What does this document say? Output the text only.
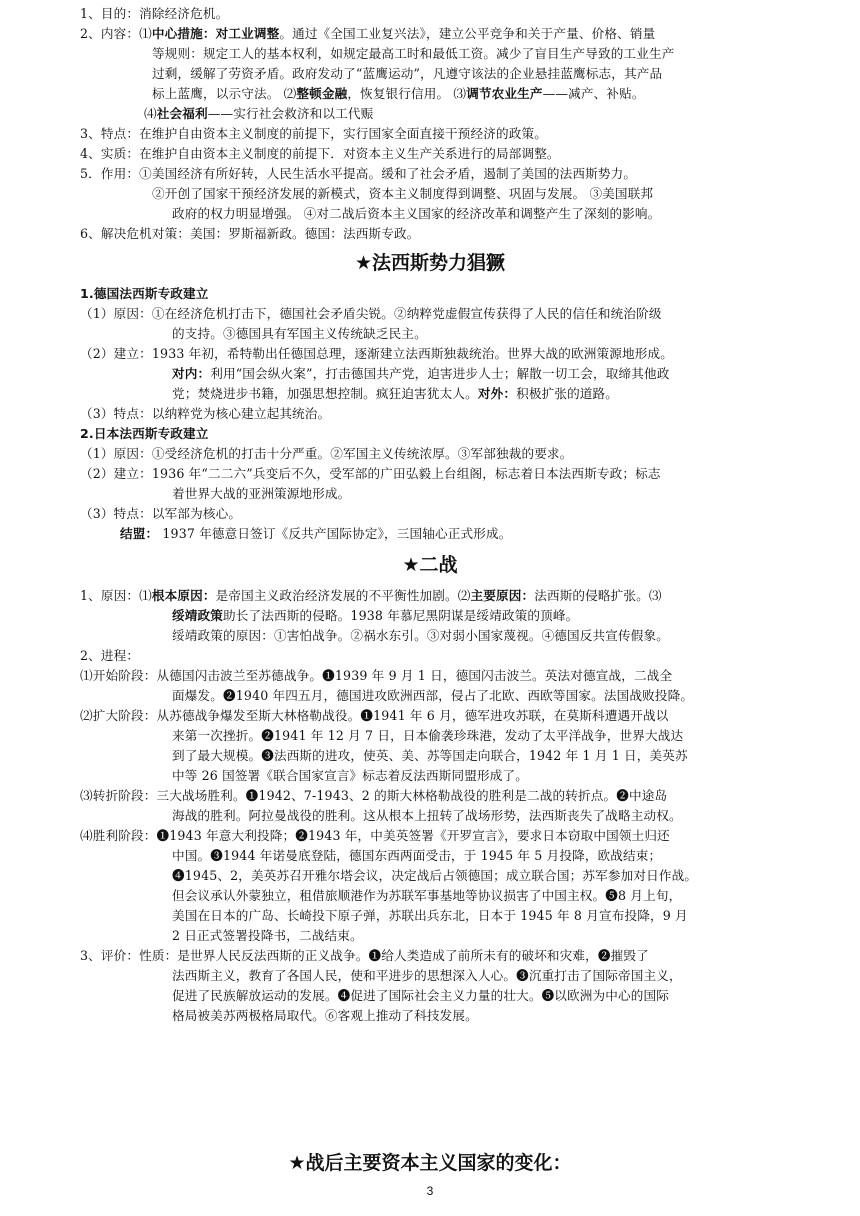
1、目的：消除经济危机。
2、内容：⑴中心措施：对工业调整。通过《全国工业复兴法》，建立公平竞争和关于产量、价格、销量
等规则：规定工人的基本权利，如规定最高工时和最低工资。减少了盲目生产导致的工业生产
过剩，缓解了劳资矛盾。政府发动了“蓝鹰运动”，凡遵守该法的企业悬挂蓝鹰标志，其产品
标上蓝鹰，以示守法。 ⑵整顿金融，恢复银行信用。 ⑶调节农业生产——减产、补贴。
⑷社会福利——实行社会救济和以工代赈
3、特点：在维护自由资本主义制度的前提下，实行国家全面直接干预经济的政策。
4、实质：在维护自由资本主义制度的前提下．对资本主义生产关系进行的局部调整。
5．作用：①美国经济有所好转，人民生活水平提高。缓和了社会矛盾，遏制了美国的法西斯势力。
②开创了国家干预经济发展的新模式，资本主义制度得到调整、巩固与发展。 ③美国联邦
政府的权力明显增强。 ④对二战后资本主义国家的经济改革和调整产生了深刻的影响。
6、解决危机对策：美国：罗斯福新政。德国：法西斯专政。
★法西斯势力猖獗
1.德国法西斯专政建立
（1）原因：①在经济危机打击下，德国社会矛盾尖锐。②纳粹党虚假宣传获得了人民的信任和统治阶级
的支持。③德国具有军国主义传统缺乏民主。
（2）建立：1933 年初，希特勒出任德国总理，逐渐建立法西斯独裁统治。世界大战的欧洲策源地形成。
对内：利用“国会纵火案”，打击德国共产党，迫害进步人士；解散一切工会，取缔其他政
党；焚烧进步书籍，加强思想控制。疯狂迫害犹太人。对外：积极扩张的道路。
（3）特点：以纳粹党为核心建立起其统治。
2.日本法西斯专政建立
（1）原因：①受经济危机的打击十分严重。②军国主义传统浓厚。③军部独裁的要求。
（2）建立：1936 年“二二六”兵变后不久，受军部的广田弘毅上台组阁，标志着日本法西斯专政；标志
着世界大战的亚洲策源地形成。
（3）特点：以军部为核心。
结盟： 1937 年德意日签订《反共产国际协定》，三国轴心正式形成。
★二战
1、原因：⑴根本原因：是帝国主义政治经济发展的不平衡性加剧。⑵主要原因：法西斯的侵略扩张。⑶
绥靖政策助长了法西斯的侵略。1938 年慕尼黑阴谋是绥靖政策的顶峰。
绥靖政策的原因：①害怕战争。②祸水东引。③对弱小国家蔑视。④德国反共宣传假象。
2、进程：
⑴开始阶段：从德国闪击波兰至苏德战争。❶1939 年 9 月 1 日，德国闪击波兰。英法对德宣战，二战全
面爆发。❷1940 年四五月，德国进攻欧洲西部，侵占了北欧、西欧等国家。法国战败投降。
⑵扩大阶段：从苏德战争爆发至斯大林格勒战役。❶1941 年 6 月，德军进攻苏联，在莫斯科遭遇开战以
来第一次挫折。❷1941 年 12 月 7 日，日本偷袭珍珠港，发动了太平洋战争，世界大战达
到了最大规模。❸法西斯的进攻，使英、美、苏等国走向联合，1942 年 1 月 1 日，美英苏
中等 26 国签署《联合国家宣言》标志着反法西斯同盟形成了。
⑶转折阶段：三大战场胜利。❶1942、7-1943、2 的斯大林格勒战役的胜利是二战的转折点。❷中途岛
海战的胜利。阿拉曼战役的胜利。这从根本上扭转了战场形势，法西斯丧失了战略主动权。
⑷胜利阶段：❶1943 年意大利投降；❷1943 年，中美英签署《开罗宣言》，要求日本窃取中国领土归还
中国。❸1944 年诺曼底登陆，德国东西两面受击，于 1945 年 5 月投降，欧战结束；
❹1945、2，美英苏召开雅尔塔会议，决定战后占领德国；成立联合国；苏军参加对日作战。
但会议承认外蒙独立，租借旅顺港作为苏联军事基地等协议损害了中国主权。❺8 月上旬，
美国在日本的广岛、长崎投下原子弹，苏联出兵东北，日本于 1945 年 8 月宣布投降，9 月
2 日正式签署投降书，二战结束。
3、评价：性质：是世界人民反法西斯的正义战争。❶给人类造成了前所未有的破坏和灾难，❷摧毁了
法西斯主义，教育了各国人民，使和平进步的思想深入人心。❸沉重打击了国际帝国主义，
促进了民族解放运动的发展。❹促进了国际社会主义力量的壮大。❺以欧洲为中心的国际
格局被美苏两极格局取代。⑥客观上推动了科技发展。
★战后主要资本主义国家的变化：
3
